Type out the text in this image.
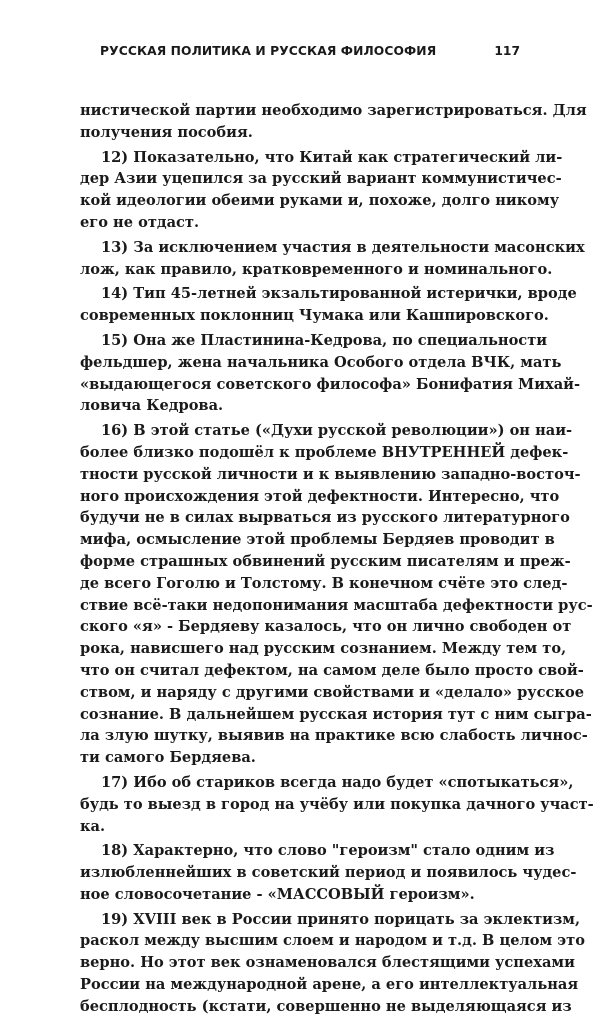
РУССКАЯ ПОЛИТИКА И РУССКАЯ ФИЛОСОФИЯ	117
нистической партии необходимо зарегистрироваться. Для
получения пособия.
12) Показательно, что Китай как стратегический ли-
дер Азии уцепился за русский вариант коммунистичес-
кой идеологии обеими руками и, похоже, долго никому
его не отдаст.
13) За исключением участия в деятельности масонских
лож, как правило, кратковременного и номинального.
14) Тип 45-летней экзальтированной истерички, вроде
современных поклонниц Чумака или Кашпировского.
15) Она же Пластинина-Кедрова, по специальности
фельдшер, жена начальника Особого отдела ВЧК, мать
«выдающегося советского философа» Бонифатия Михай-
ловича Кедрова.
16) В этой статье («Духи русской революции») он наи-
более близко подошёл к проблеме ВНУТРЕННЕЙ дефек-
тности русской личности и к выявлению западно-восточ-
ного происхождения этой дефектности. Интересно, что
будучи не в силах вырваться из русского литературного
мифа, осмысление этой проблемы Бердяев проводит в
форме страшных обвинений русским писателям и преж-
де всего Гоголю и Толстому. В конечном счёте это след-
ствие всё-таки недопонимания масштаба дефектности рус-
ского «я» - Бердяеву казалось, что он лично свободен от
рока, нависшего над русским сознанием. Между тем то,
что он считал дефектом, на самом деле было просто свой-
ством, и наряду с другими свойствами и «делало» русское
сознание. В дальнейшем русская история тут с ним сыгра-
ла злую шутку, выявив на практике всю слабость личнос-
ти самого Бердяева.
17) Ибо об стариков всегда надо будет «спотыкаться»,
будь то выезд в город на учёбу или покупка дачного участ-
ка.
18) Характерно, что слово "героизм" стало одним из
излюбленнейших в советский период и появилось чудес-
ное словосочетание - «МАССОВЫЙ героизм».
19) XVIII век в России принято порицать за эклектизм,
раскол между высшим слоем и народом и т.д. В целом это
верно. Но этот век ознаменовался блестящими успехами
России на международной арене, а его интеллектуальная
бесплодность (кстати, совершенно не выделяющаяся из
